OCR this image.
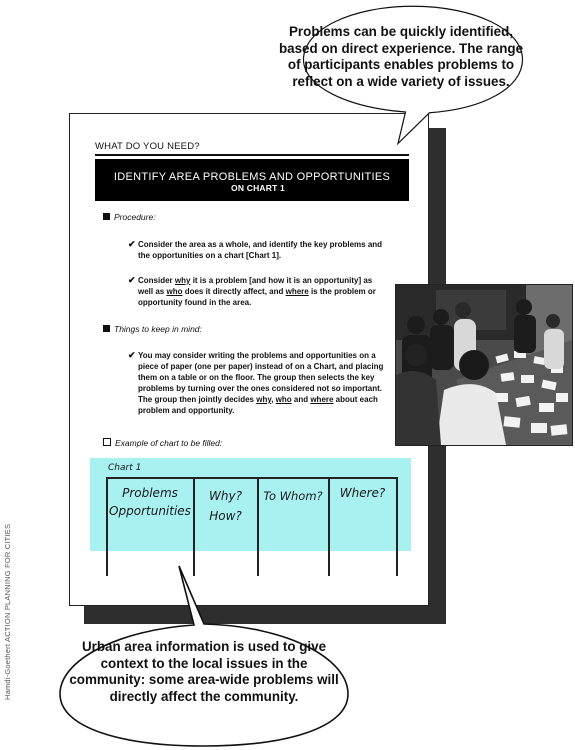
Hamdi-Goethert ACTION PLANNING FOR CITIES
WHAT DO YOU NEED?
IDENTIFY AREA PROBLEMS AND OPPORTUNITIES
ON CHART 1
Procedure:
✔ Consider the area as a whole, and identify the key problems and the opportunities on a chart [Chart 1].
✔ Consider why it is a problem [and how it is an opportunity] as well as who does it directly affect, and where is the problem or opportunity found in the area.
Things to keep in mind:
✔ You may consider writing the problems and opportunities on a piece of paper (one per paper) instead of on a Chart, and placing them on a table or on the floor. The group then selects the key problems by turning over the ones considered not so important. The group then jointly decides why, who and where about each problem and opportunity.
Example of chart to be filled:
Chart 1
Problems
Opportunities
Why?
How?
To Whom?	Where?
Problems can be quickly identified, based on direct experience. The range of participants enables problems to reflect on a wide variety of issues.
Urban area information is used to give context to the local issues in the community: some area-wide problems will directly affect the community.
